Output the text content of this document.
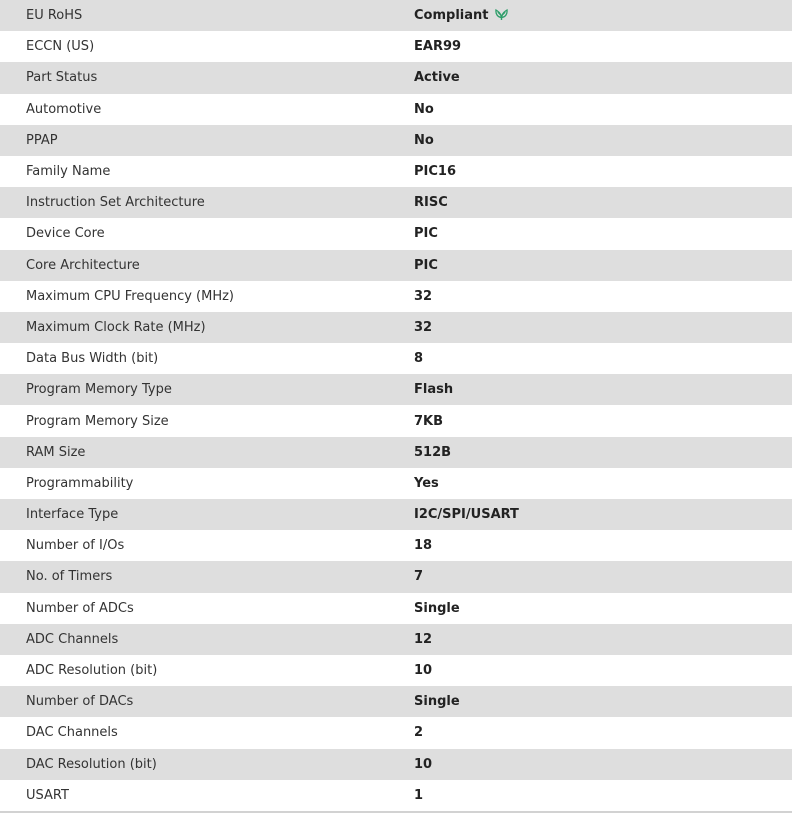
EU RoHS	Compliant
ECCN (US)	EAR99
Part Status	Active
Automotive	No
PPAP	No
Family Name	PIC16
Instruction Set Architecture	RISC
Device Core	PIC
Core Architecture	PIC
Maximum CPU Frequency (MHz)	32
Maximum Clock Rate (MHz)	32
Data Bus Width (bit)	8
Program Memory Type	Flash
Program Memory Size	7KB
RAM Size	512B
Programmability	Yes
Interface Type	I2C/SPI/USART
Number of I/Os	18
No. of Timers	7
Number of ADCs	Single
ADC Channels	12
ADC Resolution (bit)	10
Number of DACs	Single
DAC Channels	2
DAC Resolution (bit)	10
USART	1
